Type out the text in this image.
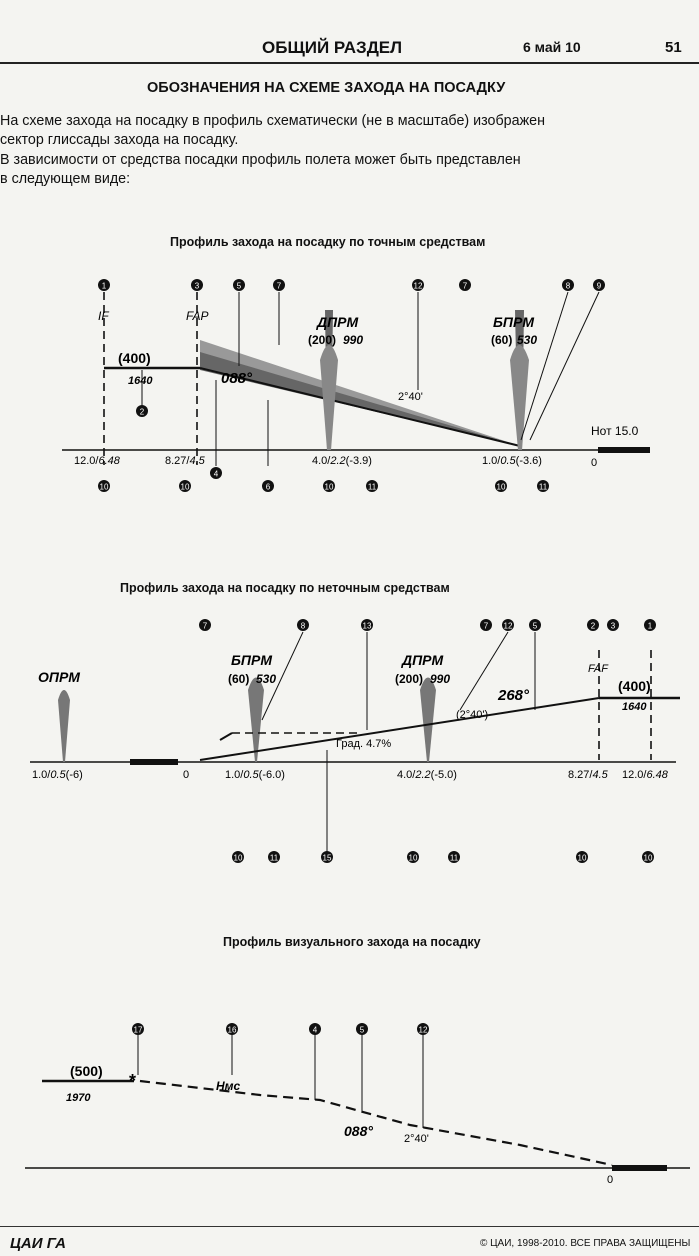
ОБЩИЙ РАЗДЕЛ	6 май 10	51
ОБОЗНАЧЕНИЯ НА СХЕМЕ ЗАХОДА НА ПОСАДКУ
На схеме захода на посадку в профиль схематически (не в масштабе) изображен
сектор глиссады захода на посадку.
В зависимости от средства посадки профиль полета может быть представлен
в следующем виде:
Профиль захода на посадку по точным средствам
IF	FAP
(400)
1640	088°
2°40'
ДПРМ
(200) 990
БПРМ
(60) 530
Нот 15.0
12.0/6.48	8.27/4.5	4.0/2.2(-3.9)	1.0/0.5(-3.6)	0
1	3	5	7	12	7	8	9
2
10	10
4
6	10	11	10	11
Профиль захода на посадку по неточным средствам
ОПРМ
БПРМ
(60) 530
ДПРМ
(200) 990
FAF
(400)
1640
268°
(2°40')
Град. 4.7%
1.0/0.5(-6)	0	1.0/0.5(-6.0)	4.0/2.2(-5.0)	8.27/4.5 12.0/6.48
7	8	13	7 12	5	2 3	1
10	11	15	10	11	10	10
Профиль визуального захода на посадку
*
(500)
1970
Нмс
088°	2°40'
0
17	16	4	5	12
ЦАИ ГА	© ЦАИ, 1998-2010. ВСЕ ПРАВА ЗАЩИЩЕНЫ
